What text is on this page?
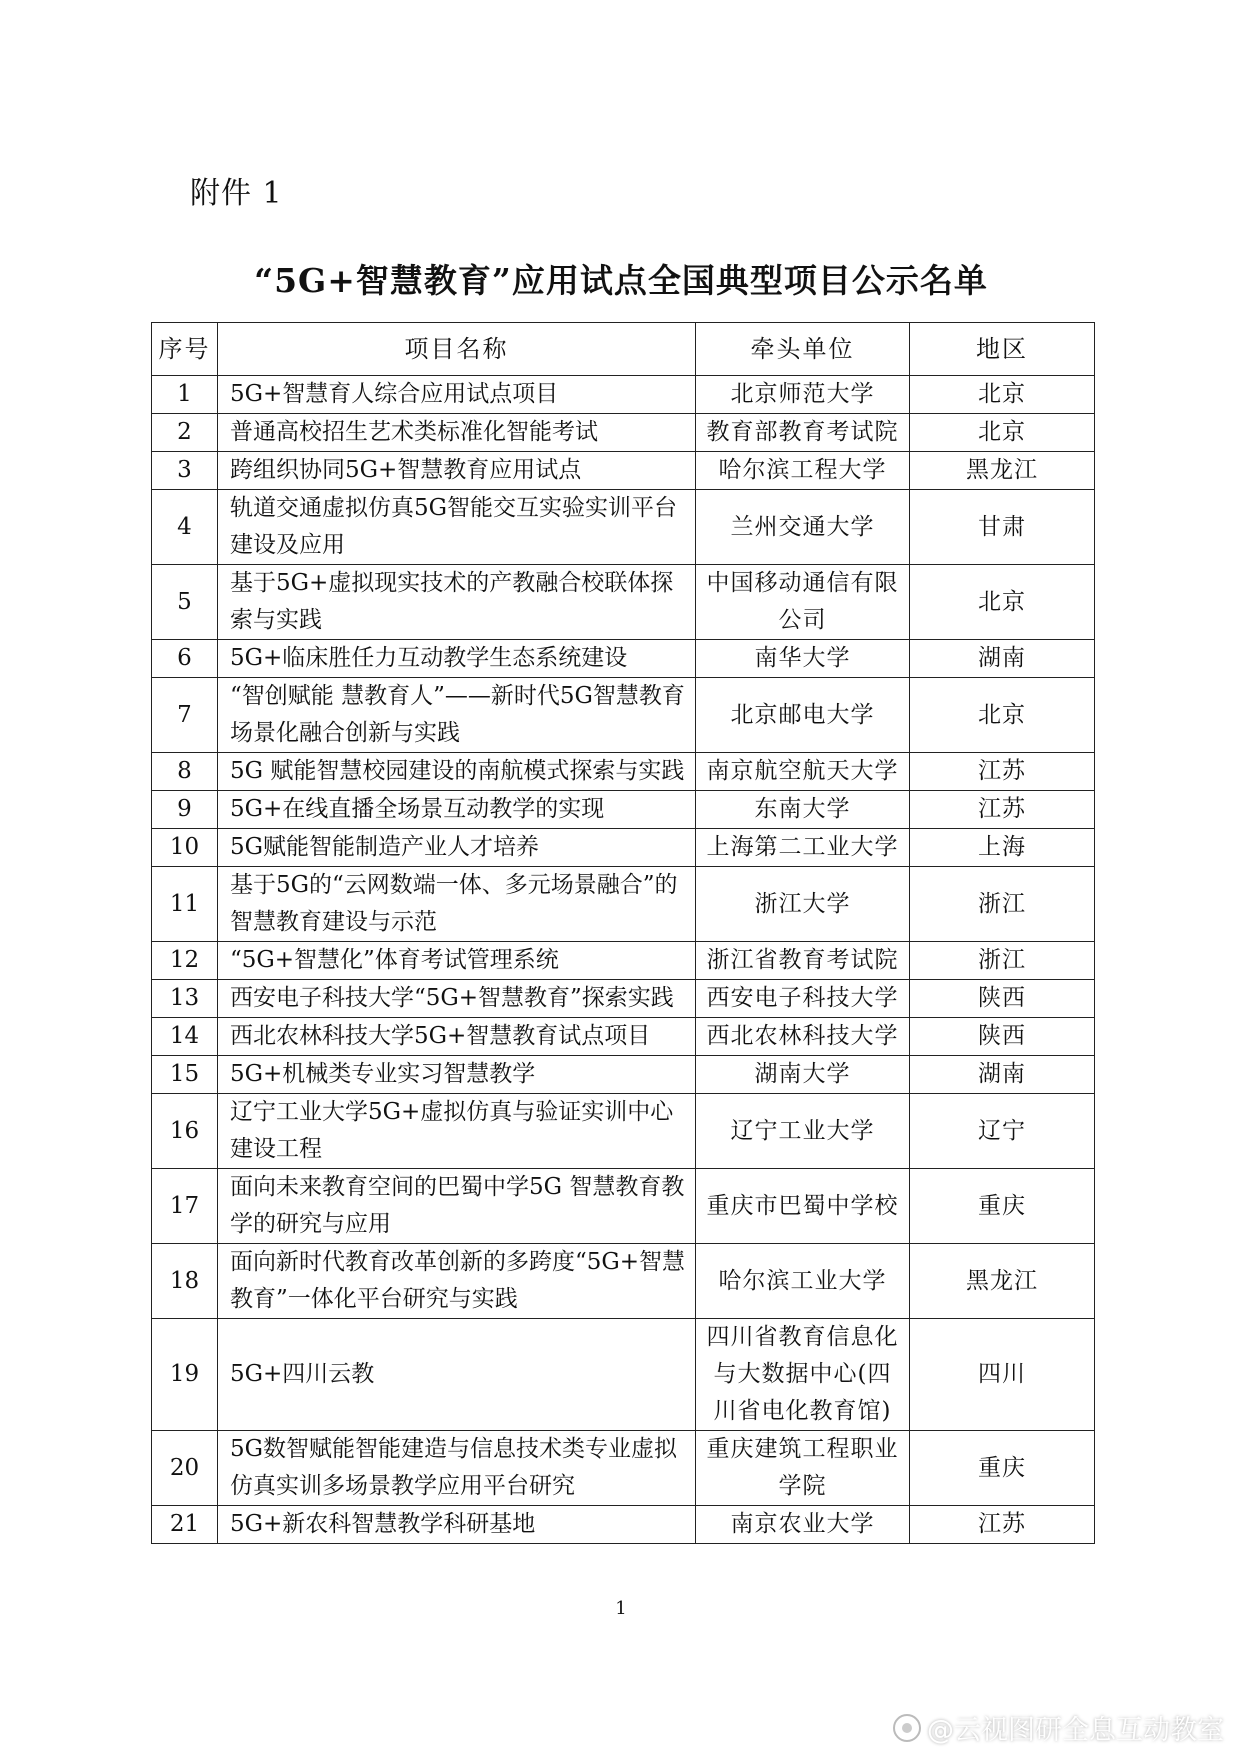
附件 1
“5G+智慧教育”应用试点全国典型项目公示名单
序号	项目名称	牵头单位	地区
1	5G+智慧育人综合应用试点项目	北京师范大学	北京
2	普通高校招生艺术类标准化智能考试	教育部教育考试院	北京
3	跨组织协同5G+智慧教育应用试点	哈尔滨工程大学	黑龙江
4	轨道交通虚拟仿真5G智能交互实验实训平台建设及应用	兰州交通大学	甘肃
5	基于5G+虚拟现实技术的产教融合校联体探索与实践	中国移动通信有限公司	北京
6	5G+临床胜任力互动教学生态系统建设	南华大学	湖南
7	“智创赋能 慧教育人”——新时代5G智慧教育场景化融合创新与实践	北京邮电大学	北京
8	5G 赋能智慧校园建设的南航模式探索与实践	南京航空航天大学	江苏
9	5G+在线直播全场景互动教学的实现	东南大学	江苏
10	5G赋能智能制造产业人才培养	上海第二工业大学	上海
11	基于5G的“云网数端一体、多元场景融合”的智慧教育建设与示范	浙江大学	浙江
12	“5G+智慧化”体育考试管理系统	浙江省教育考试院	浙江
13	西安电子科技大学“5G+智慧教育”探索实践	西安电子科技大学	陕西
14	西北农林科技大学5G+智慧教育试点项目	西北农林科技大学	陕西
15	5G+机械类专业实习智慧教学	湖南大学	湖南
16	辽宁工业大学5G+虚拟仿真与验证实训中心建设工程	辽宁工业大学	辽宁
17	面向未来教育空间的巴蜀中学5G 智慧教育教学的研究与应用	重庆市巴蜀中学校	重庆
18	面向新时代教育改革创新的多跨度“5G+智慧教育”一体化平台研究与实践	哈尔滨工业大学	黑龙江
19	5G+四川云教	四川省教育信息化与大数据中心(四川省电化教育馆)	四川
20	5G数智赋能智能建造与信息技术类专业虚拟仿真实训多场景教学应用平台研究	重庆建筑工程职业学院	重庆
21	5G+新农科智慧教学科研基地	南京农业大学	江苏
1
@云视图研全息互动教室
